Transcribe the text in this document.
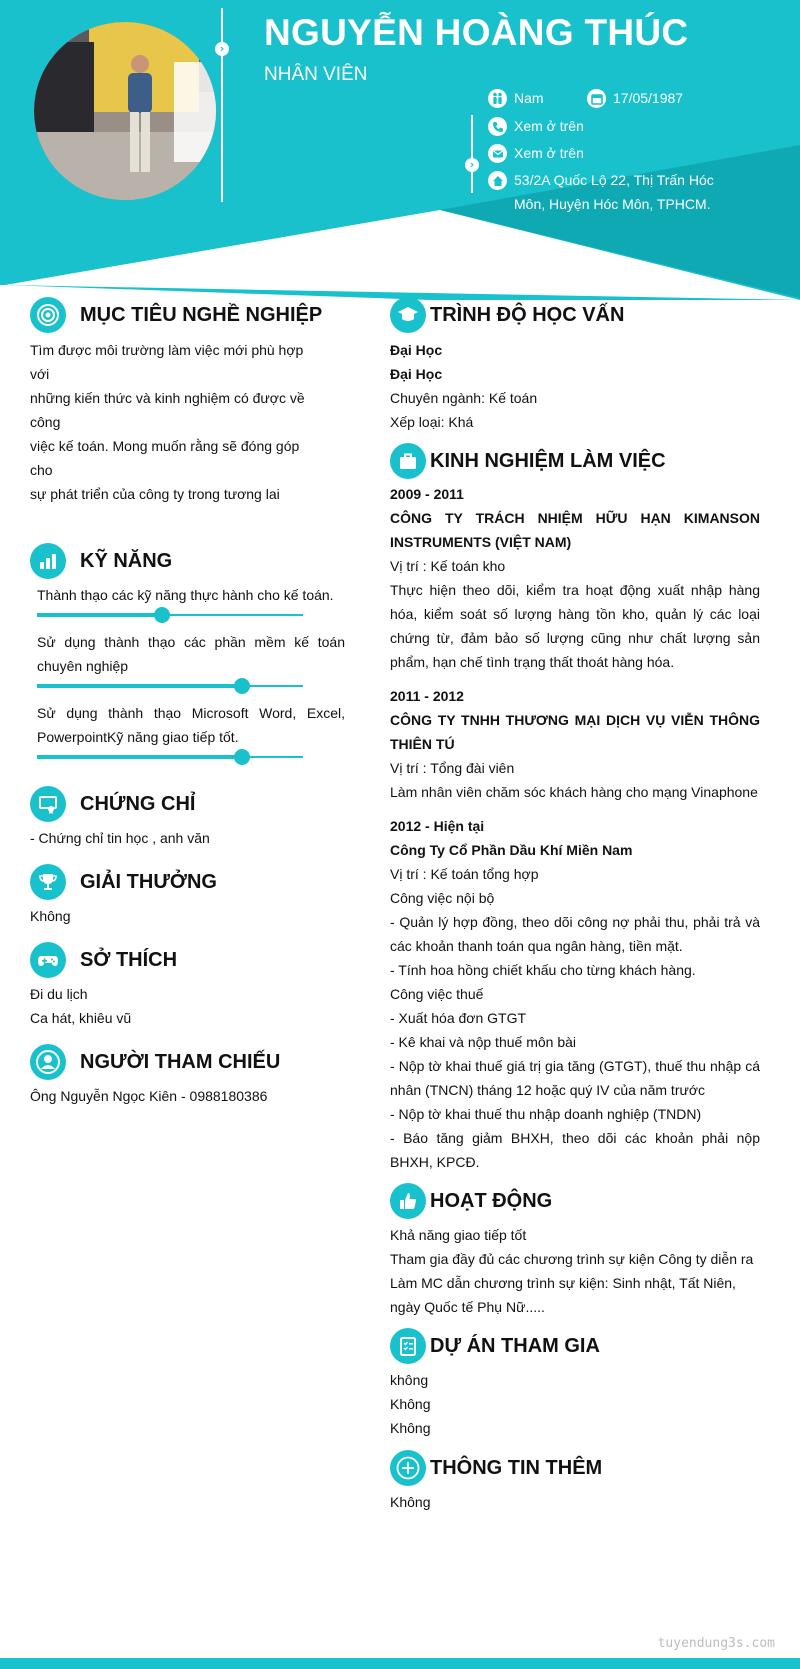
› NGUYỄN HOÀNG THÚC
NHÂN VIÊN
›
Nam	17/05/1987
Xem ở trên
Xem ở trên
53/2A Quốc Lộ 22, Thị Trấn Hóc
Môn, Huyện Hóc Môn, TPHCM.
MỤC TIÊU NGHỀ NGHIỆP
Tìm được môi trường làm việc mới phù hợp
với
những kiến thức và kinh nghiệm có được về
công
việc kế toán. Mong muốn rằng sẽ đóng góp
cho
sự phát triển của công ty trong tương lai
KỸ NĂNG
Thành thạo các kỹ năng thực hành cho kế toán.
Sử dụng thành thạo các phần mềm kế toán chuyên nghiệp
Sử dụng thành thạo Microsoft Word, Excel, PowerpointKỹ năng giao tiếp tốt.
CHỨNG CHỈ
- Chứng chỉ tin học , anh văn
GIẢI THƯỞNG
Không
SỞ THÍCH
Đi du lịch
Ca hát, khiêu vũ
NGƯỜI THAM CHIẾU
Ông Nguyễn Ngọc Kiên - 0988180386
TRÌNH ĐỘ HỌC VẤN
Đại Học
Đại Học
Chuyên ngành: Kế toán
Xếp loại: Khá
KINH NGHIỆM LÀM VIỆC
2009 - 2011
CÔNG TY TRÁCH NHIỆM HỮU HẠN KIMANSON INSTRUMENTS (VIỆT NAM)
Vị trí : Kế toán kho
Thực hiện theo dõi, kiểm tra hoạt động xuất nhập hàng hóa, kiểm soát số lượng hàng tồn kho, quản lý các loại chứng từ, đảm bảo số lượng cũng như chất lượng sản phẩm, hạn chế tình trạng thất thoát hàng hóa.
2011 - 2012
CÔNG TY TNHH THƯƠNG MẠI DỊCH VỤ VIỄN THÔNG THIÊN TÚ
Vị trí : Tổng đài viên
Làm nhân viên chăm sóc khách hàng cho mạng Vinaphone
2012 - Hiện tại
Công Ty Cổ Phần Dầu Khí Miền Nam
Vị trí : Kế toán tổng hợp
Công việc nội bộ
- Quản lý hợp đồng, theo dõi công nợ phải thu, phải trả và các khoản thanh toán qua ngân hàng, tiền mặt.
- Tính hoa hồng chiết khấu cho từng khách hàng.
Công việc thuế
- Xuất hóa đơn GTGT
- Kê khai và nộp thuế môn bài
- Nộp tờ khai thuế giá trị gia tăng (GTGT), thuế thu nhập cá nhân (TNCN) tháng 12 hoặc quý IV của năm trước
- Nộp tờ khai thuế thu nhập doanh nghiệp (TNDN)
- Báo tăng giảm BHXH, theo dõi các khoản phải nộp BHXH, KPCĐ.
HOẠT ĐỘNG
Khả năng giao tiếp tốt
Tham gia đầy đủ các chương trình sự kiện Công ty diễn ra
Làm MC dẫn chương trình sự kiện: Sinh nhật, Tất Niên, ngày Quốc tế Phụ Nữ.....
DỰ ÁN THAM GIA
không
Không
Không
THÔNG TIN THÊM
Không
tuyendung3s.com
